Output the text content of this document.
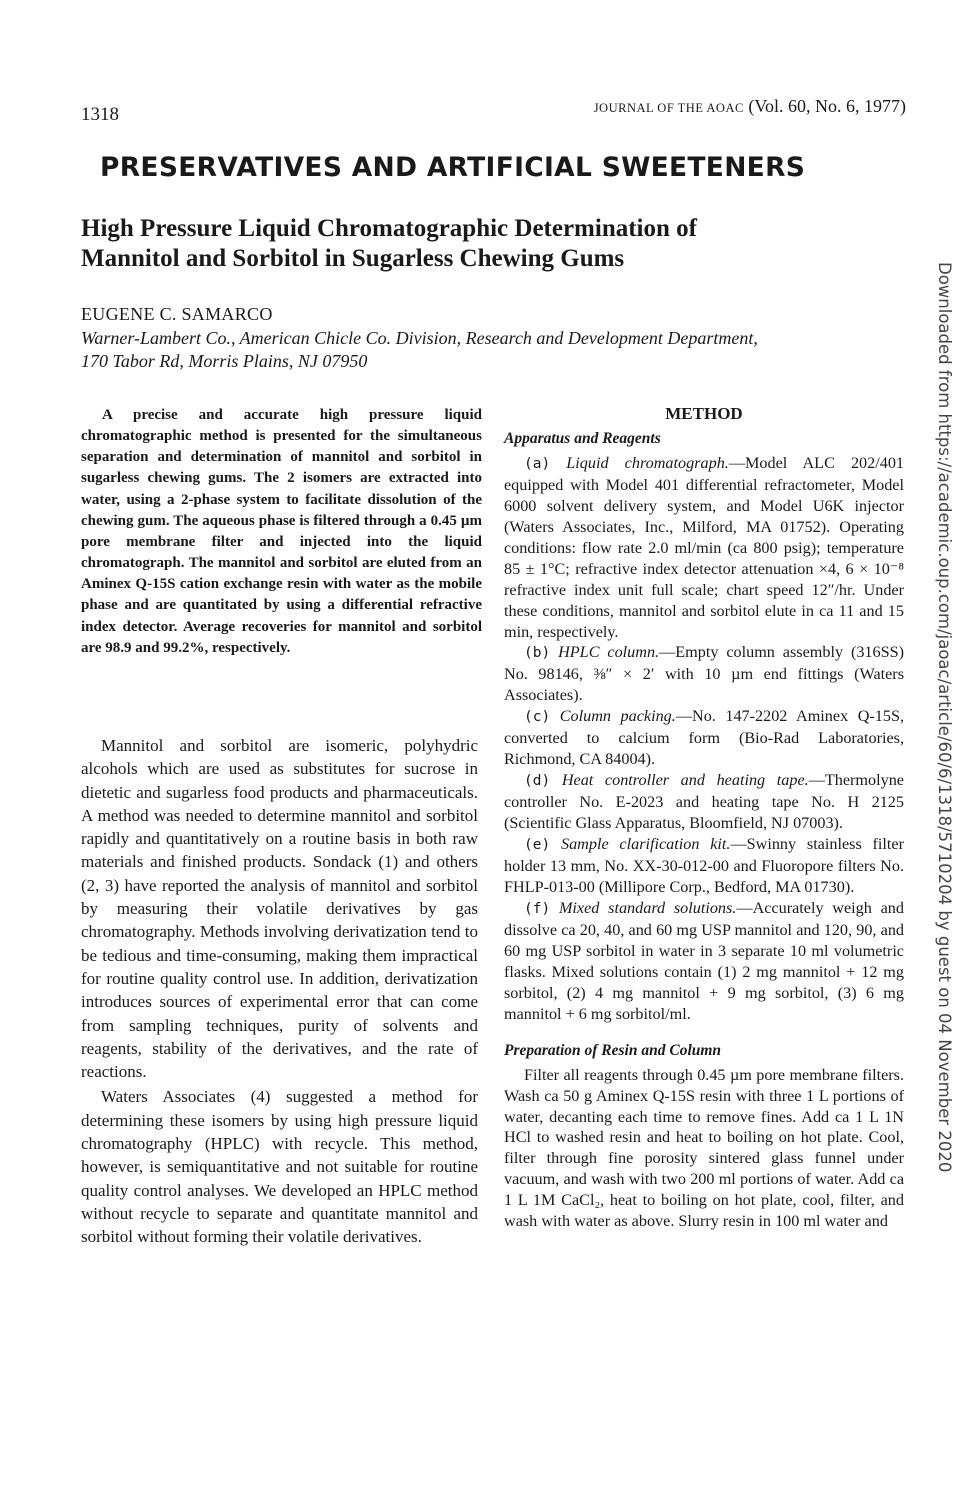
1318	JOURNAL OF THE AOAC (Vol. 60, No. 6, 1977)
PRESERVATIVES AND ARTIFICIAL SWEETENERS
High Pressure Liquid Chromatographic Determination of
Mannitol and Sorbitol in Sugarless Chewing Gums
EUGENE C. SAMARCO
Warner-Lambert Co., American Chicle Co. Division, Research and Development Department,
170 Tabor Rd, Morris Plains, NJ 07950	Downloaded from https://academic.oup.com/jaoac/article/60/6/1318/5710204 by guest on 04 November 2020

A precise and accurate high pressure liquid chromatographic method is presented for the simultaneous separation and determination of mannitol and sorbitol in sugarless chewing gums. The 2 isomers are extracted into water, using a 2-phase system to facilitate dissolution of the chewing gum. The aqueous phase is filtered through a 0.45 µm pore membrane filter and injected into the liquid chromatograph. The mannitol and sorbitol are eluted from an Aminex Q-15S cation exchange resin with water as the mobile phase and are quantitated by using a differential refractive index detector. Average recoveries for mannitol and sorbitol are 98.9 and 99.2%, respectively.

Mannitol and sorbitol are isomeric, polyhydric alcohols which are used as substitutes for sucrose in dietetic and sugarless food products and pharmaceuticals. A method was needed to determine mannitol and sorbitol rapidly and quantitatively on a routine basis in both raw materials and finished products. Sondack (1) and others (2, 3) have reported the analysis of mannitol and sorbitol by measuring their volatile derivatives by gas chromatography. Methods involving derivatization tend to be tedious and time-consuming, making them impractical for routine quality control use. In addition, derivatization introduces sources of experimental error that can come from sampling techniques, purity of solvents and reagents, stability of the derivatives, and the rate of reactions.

Waters Associates (4) suggested a method for determining these isomers by using high pressure liquid chromatography (HPLC) with recycle. This method, however, is semiquantitative and not suitable for routine quality control analyses. We developed an HPLC method without recycle to separate and quantitate mannitol and sorbitol without forming their volatile derivatives.

METHOD
Apparatus and Reagents

(a) Liquid chromatograph.—Model ALC 202/401 equipped with Model 401 differential refractometer, Model 6000 solvent delivery system, and Model U6K injector (Waters Associates, Inc., Milford, MA 01752). Operating conditions: flow rate 2.0 ml/min (ca 800 psig); temperature 85 ± 1°C; refractive index detector attenuation ×4, 6 × 10⁻⁸ refractive index unit full scale; chart speed 12″/hr. Under these conditions, mannitol and sorbitol elute in ca 11 and 15 min, respectively.

(b) HPLC column.—Empty column assembly (316SS) No. 98146, ⅜″ × 2′ with 10 µm end fittings (Waters Associates).

(c) Column packing.—No. 147-2202 Aminex Q-15S, converted to calcium form (Bio-Rad Laboratories, Richmond, CA 84004).

(d) Heat controller and heating tape.—Thermolyne controller No. E-2023 and heating tape No. H 2125 (Scientific Glass Apparatus, Bloomfield, NJ 07003).

(e) Sample clarification kit.—Swinny stainless filter holder 13 mm, No. XX-30-012-00 and Fluoropore filters No. FHLP-013-00 (Millipore Corp., Bedford, MA 01730).

(f) Mixed standard solutions.—Accurately weigh and dissolve ca 20, 40, and 60 mg USP mannitol and 120, 90, and 60 mg USP sorbitol in water in 3 separate 10 ml volumetric flasks. Mixed solutions contain (1) 2 mg mannitol + 12 mg sorbitol, (2) 4 mg mannitol + 9 mg sorbitol, (3) 6 mg mannitol + 6 mg sorbitol/ml.

Preparation of Resin and Column

Filter all reagents through 0.45 µm pore membrane filters. Wash ca 50 g Aminex Q-15S resin with three 1 L portions of water, decanting each time to remove fines. Add ca 1 L 1N HCl to washed resin and heat to boiling on hot plate. Cool, filter through fine porosity sintered glass funnel under vacuum, and wash with two 200 ml portions of water. Add ca 1 L 1M CaCl₂, heat to boiling on hot plate, cool, filter, and wash with water as above. Slurry resin in 100 ml water and
